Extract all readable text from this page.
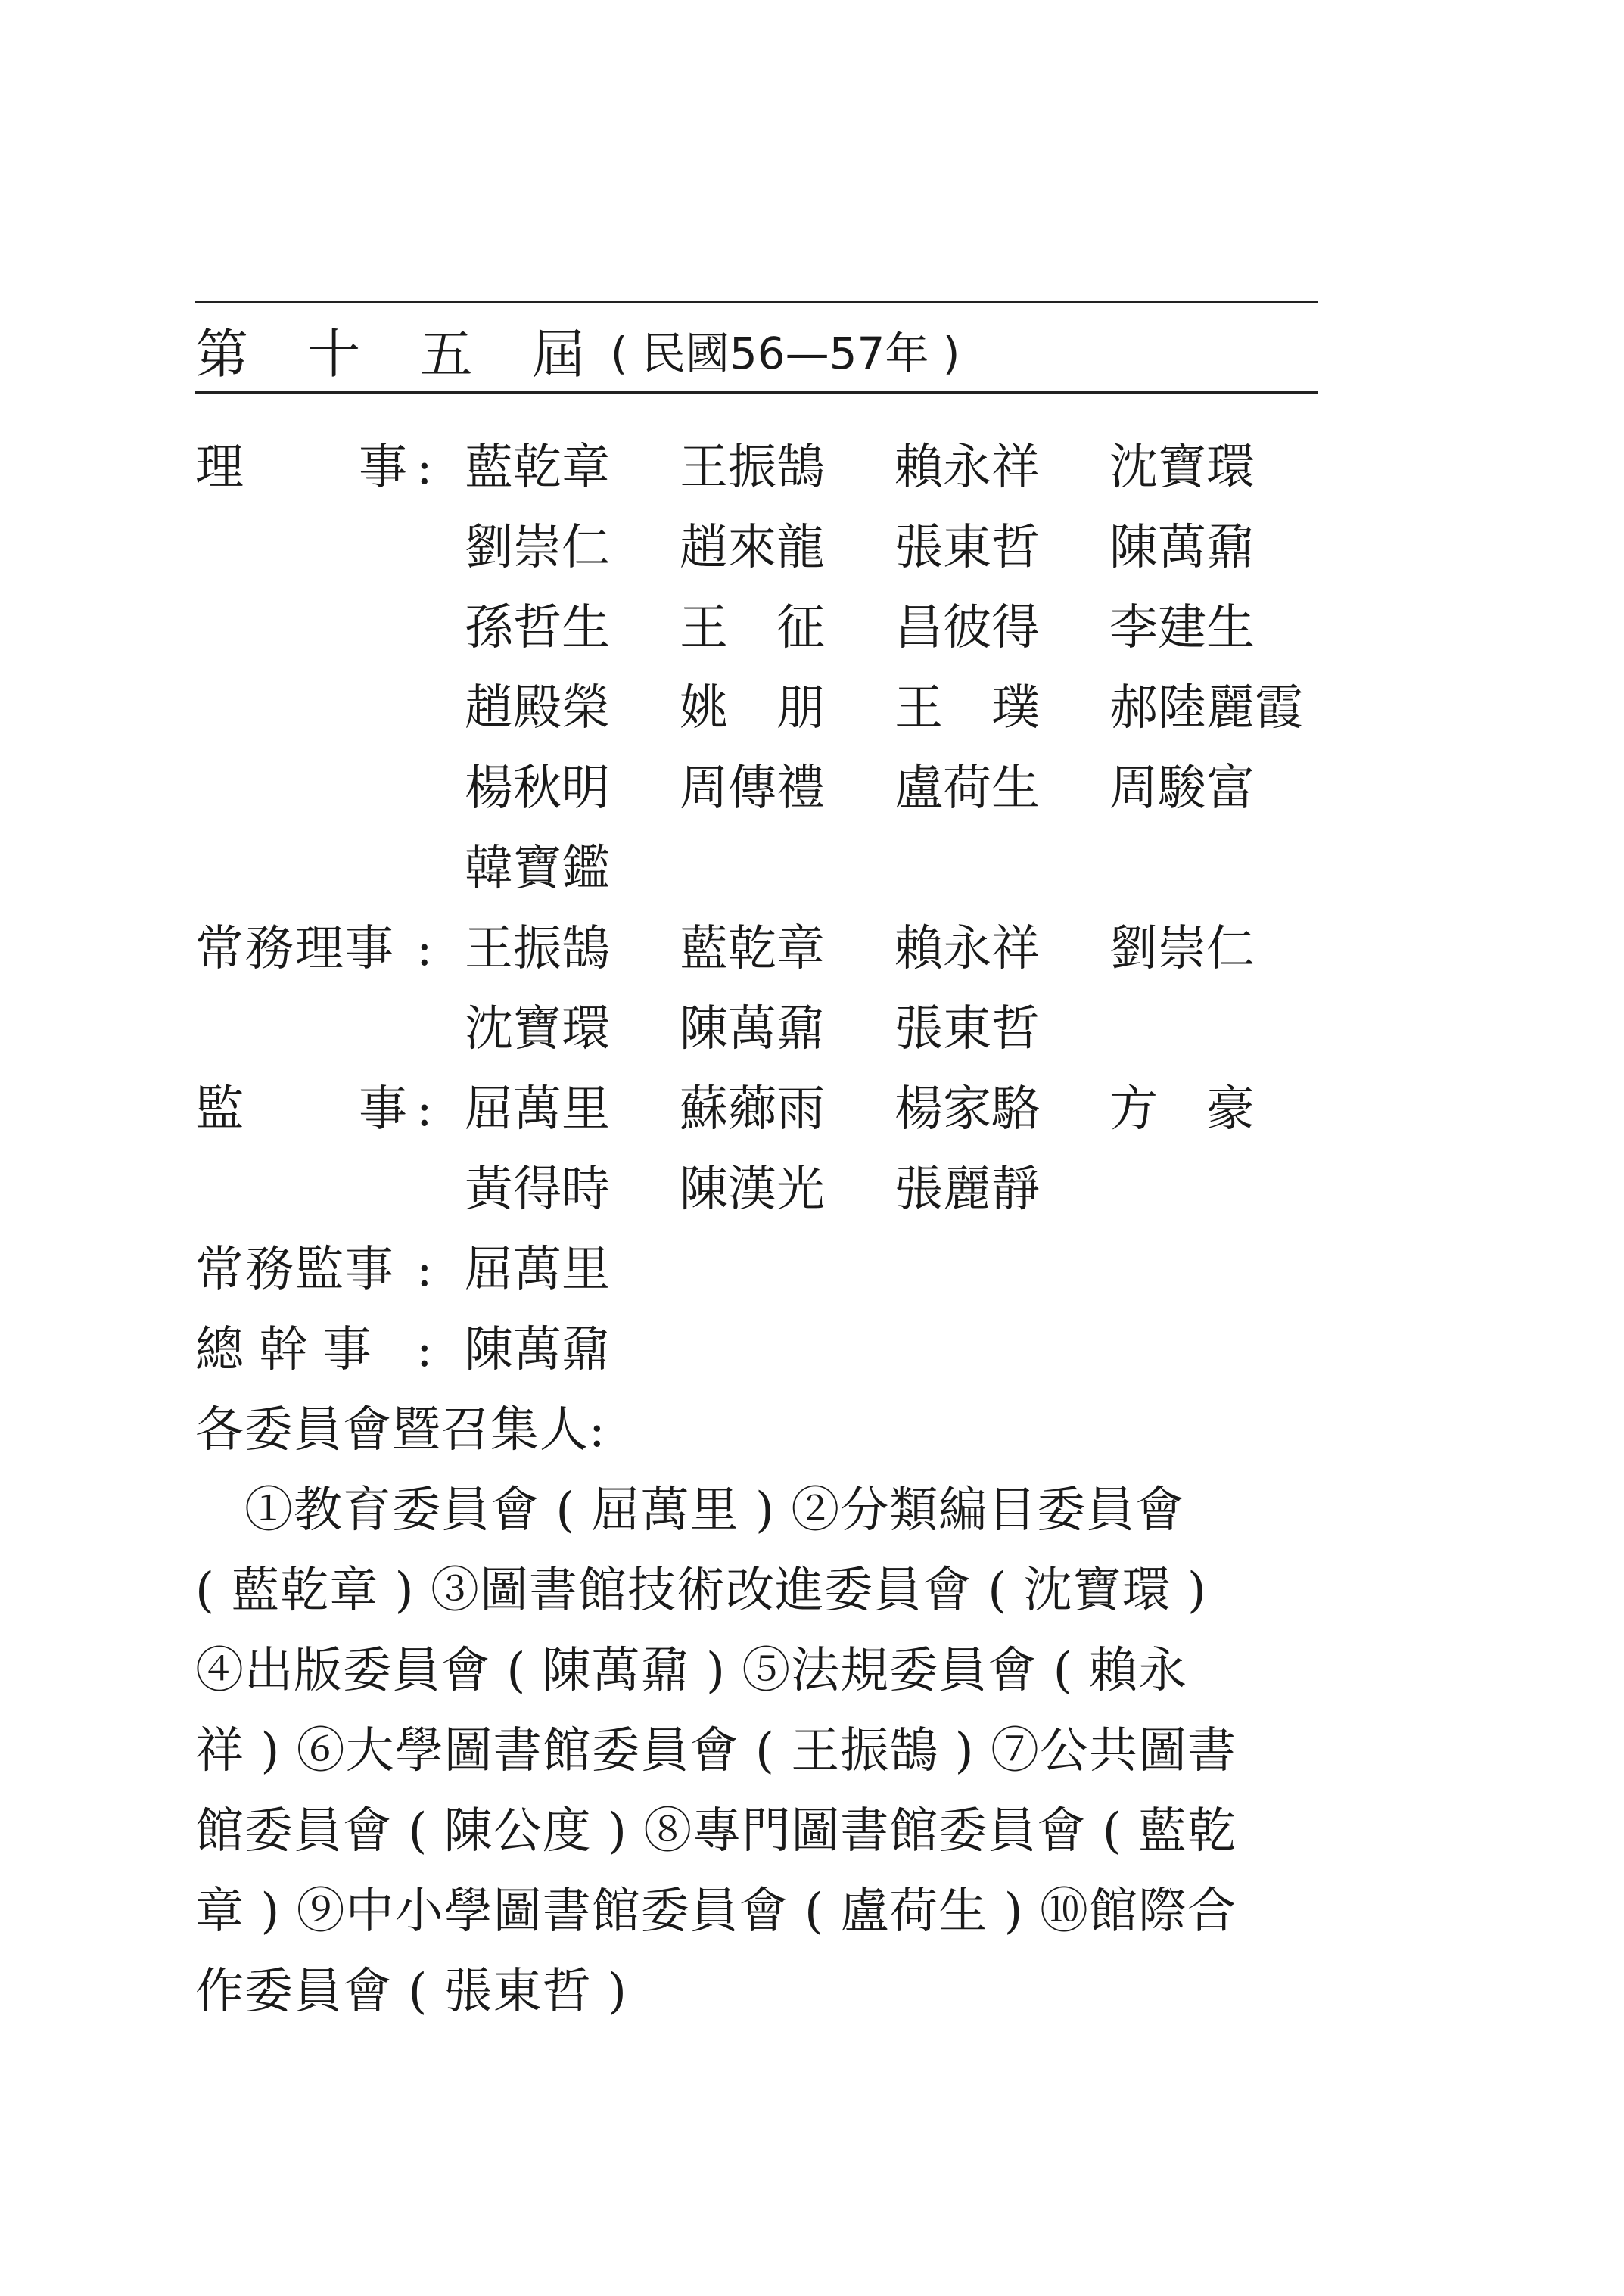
第 十 五 屆 ( 民國56—57年 )
理 事 : 藍乾章	王振鵠	賴永祥	沈寶環
劉崇仁	趙來龍	張東哲	陳萬鼐
孫哲生	王　征	昌彼得	李建生
趙殿榮	姚　朋	王　璞	郝陸麗霞
楊秋明	周傳禮	盧荷生	周駿富
韓寶鑑
常務理事 : 王振鵠	藍乾章	賴永祥	劉崇仁
沈寶環	陳萬鼐	張東哲
監 事 : 屈萬里	蘇薌雨	楊家駱	方　豪
黃得時	陳漢光	張麗靜
常務監事 : 屈萬里
總 幹 事 : 陳萬鼐
各委員會暨召集人:
　①教育委員會 ( 屈萬里 ) ②分類編目委員會
( 藍乾章 ) ③圖書館技術改進委員會 ( 沈寶環 )
④出版委員會 ( 陳萬鼐 ) ⑤法規委員會 ( 賴永
祥 ) ⑥大學圖書館委員會 ( 王振鵠 ) ⑦公共圖書
館委員會 ( 陳公度 ) ⑧專門圖書館委員會 ( 藍乾
章 ) ⑨中小學圖書館委員會 ( 盧荷生 ) ⑩館際合
作委員會 ( 張東哲 )
